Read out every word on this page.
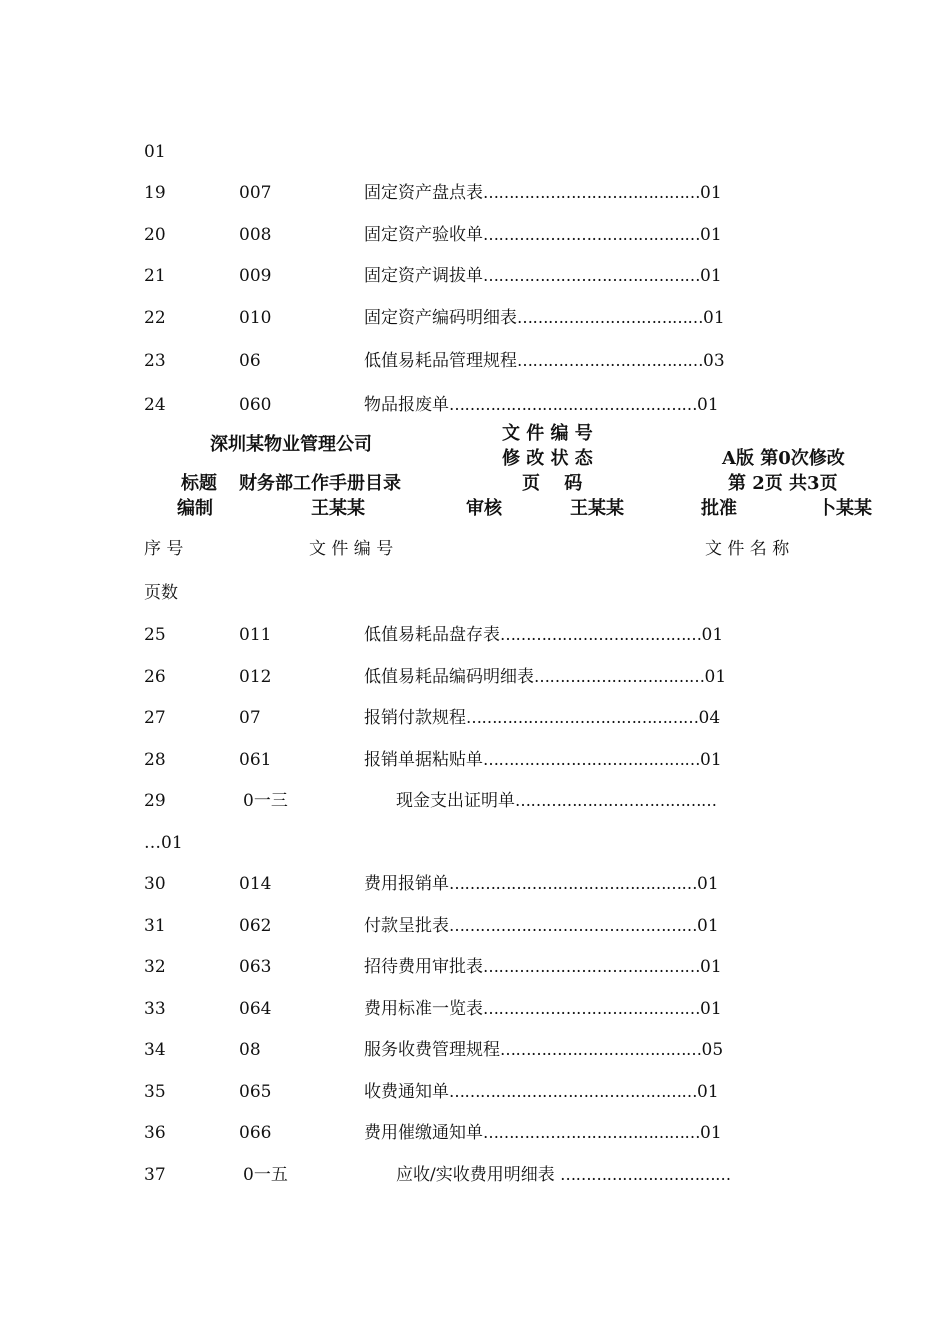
01
19	007	固定资产盘点表……………………………………01
20	008	固定资产验收单……………………………………01
21	009	固定资产调拔单……………………………………01
22	010	固定资产编码明细表………………………………01
23	06	低值易耗品管理规程………………………………03
24	060	物品报废单…………………………………………01
深圳某物业管理公司
文 件 编 号
修 改 状 态	A版 第0次修改
标题 财务部工作手册目录	页　 码	第 2页 共3页
编制	王某某	审核	王某某	批准	卜某某
序 号	文 件 编 号	文 件 名 称
页数
25	011	低值易耗品盘存表…………………………………01
26	012	低值易耗品编码明细表……………………………01
27	07	报销付款规程………………………………………04
28	061	报销单据粘贴单……………………………………01
29	0一三	现金支出证明单…………………………………
…01
30	014	费用报销单…………………………………………01
31	062	付款呈批表…………………………………………01
32	063	招待费用审批表……………………………………01
33	064	费用标准一览表……………………………………01
34	08	服务收费管理规程…………………………………05
35	065	收费通知单…………………………………………01
36	066	费用催缴通知单……………………………………01
37	0一五	应收/实收费用明细表 ……………………………
